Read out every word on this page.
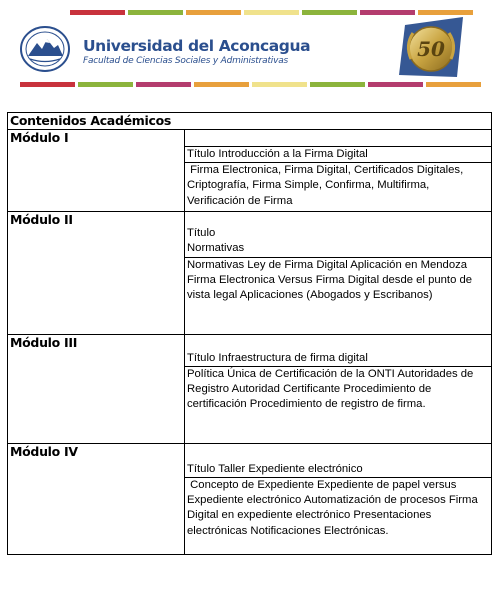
Universidad del Aconcagua
Facultad de Ciencias Sociales y Administrativas	50
Contenidos Académicos	
Módulo I	
	Título Introducción a la Firma Digital
	Firma Electronica, Firma Digital, Certificados Digitales,      Criptografía, Firma Simple, Confirma, Multifirma, Verificación de Firma
Módulo II	Título
Normativas
	Normativas Ley de Firma Digital Aplicación en Mendoza Firma Electronica Versus Firma Digital desde el punto de vista legal Aplicaciones (Abogados y Escribanos)
Módulo III	Título Infraestructura de firma digital
	Política Única de Certificación de la ONTI Autoridades de Registro Autoridad Certificante Procedimiento de certificación Procedimiento de registro de firma.
Módulo IV	Título Taller Expediente electrónico
	Concepto de Expediente Expediente de papel versus Expediente electrónico Automatización de procesos Firma Digital en expediente electrónico Presentaciones electrónicas Notificaciones Electrónicas.
